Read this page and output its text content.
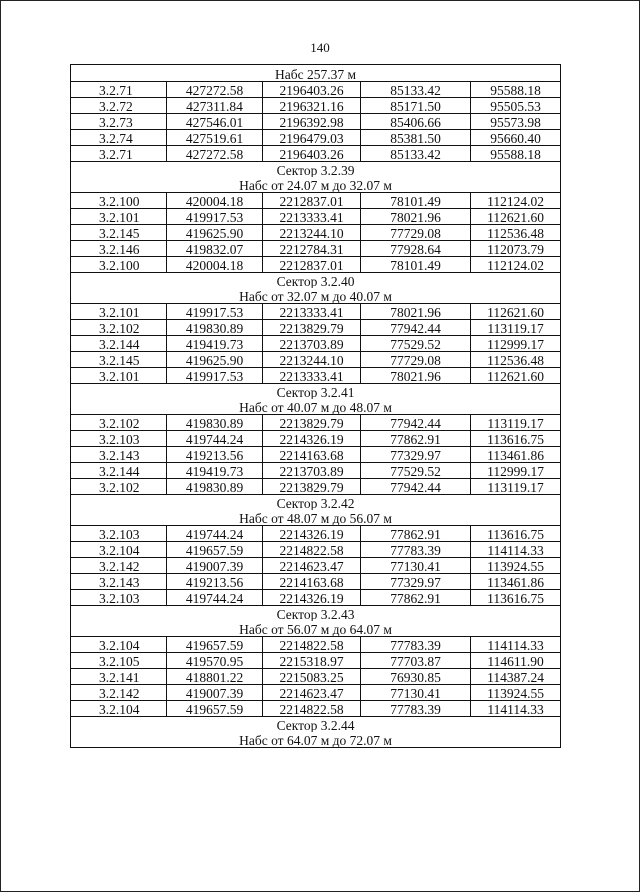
140
Набс 257.37 м				
3.2.71	427272.58	2196403.26	85133.42	95588.18
3.2.72	427311.84	2196321.16	85171.50	95505.53
3.2.73	427546.01	2196392.98	85406.66	95573.98
3.2.74	427519.61	2196479.03	85381.50	95660.40
3.2.71	427272.58	2196403.26	85133.42	95588.18
Сектор 3.2.39				
Набс от 24.07 м до 32.07 м				
3.2.100	420004.18	2212837.01	78101.49	112124.02
3.2.101	419917.53	2213333.41	78021.96	112621.60
3.2.145	419625.90	2213244.10	77729.08	112536.48
3.2.146	419832.07	2212784.31	77928.64	112073.79
3.2.100	420004.18	2212837.01	78101.49	112124.02
Сектор 3.2.40				
Набс от 32.07 м до 40.07 м				
3.2.101	419917.53	2213333.41	78021.96	112621.60
3.2.102	419830.89	2213829.79	77942.44	113119.17
3.2.144	419419.73	2213703.89	77529.52	112999.17
3.2.145	419625.90	2213244.10	77729.08	112536.48
3.2.101	419917.53	2213333.41	78021.96	112621.60
Сектор 3.2.41				
Набс от 40.07 м до 48.07 м				
3.2.102	419830.89	2213829.79	77942.44	113119.17
3.2.103	419744.24	2214326.19	77862.91	113616.75
3.2.143	419213.56	2214163.68	77329.97	113461.86
3.2.144	419419.73	2213703.89	77529.52	112999.17
3.2.102	419830.89	2213829.79	77942.44	113119.17
Сектор 3.2.42				
Набс от 48.07 м до 56.07 м				
3.2.103	419744.24	2214326.19	77862.91	113616.75
3.2.104	419657.59	2214822.58	77783.39	114114.33
3.2.142	419007.39	2214623.47	77130.41	113924.55
3.2.143	419213.56	2214163.68	77329.97	113461.86
3.2.103	419744.24	2214326.19	77862.91	113616.75
Сектор 3.2.43				
Набс от 56.07 м до 64.07 м				
3.2.104	419657.59	2214822.58	77783.39	114114.33
3.2.105	419570.95	2215318.97	77703.87	114611.90
3.2.141	418801.22	2215083.25	76930.85	114387.24
3.2.142	419007.39	2214623.47	77130.41	113924.55
3.2.104	419657.59	2214822.58	77783.39	114114.33
Сектор 3.2.44				
Набс от 64.07 м до 72.07 м				
